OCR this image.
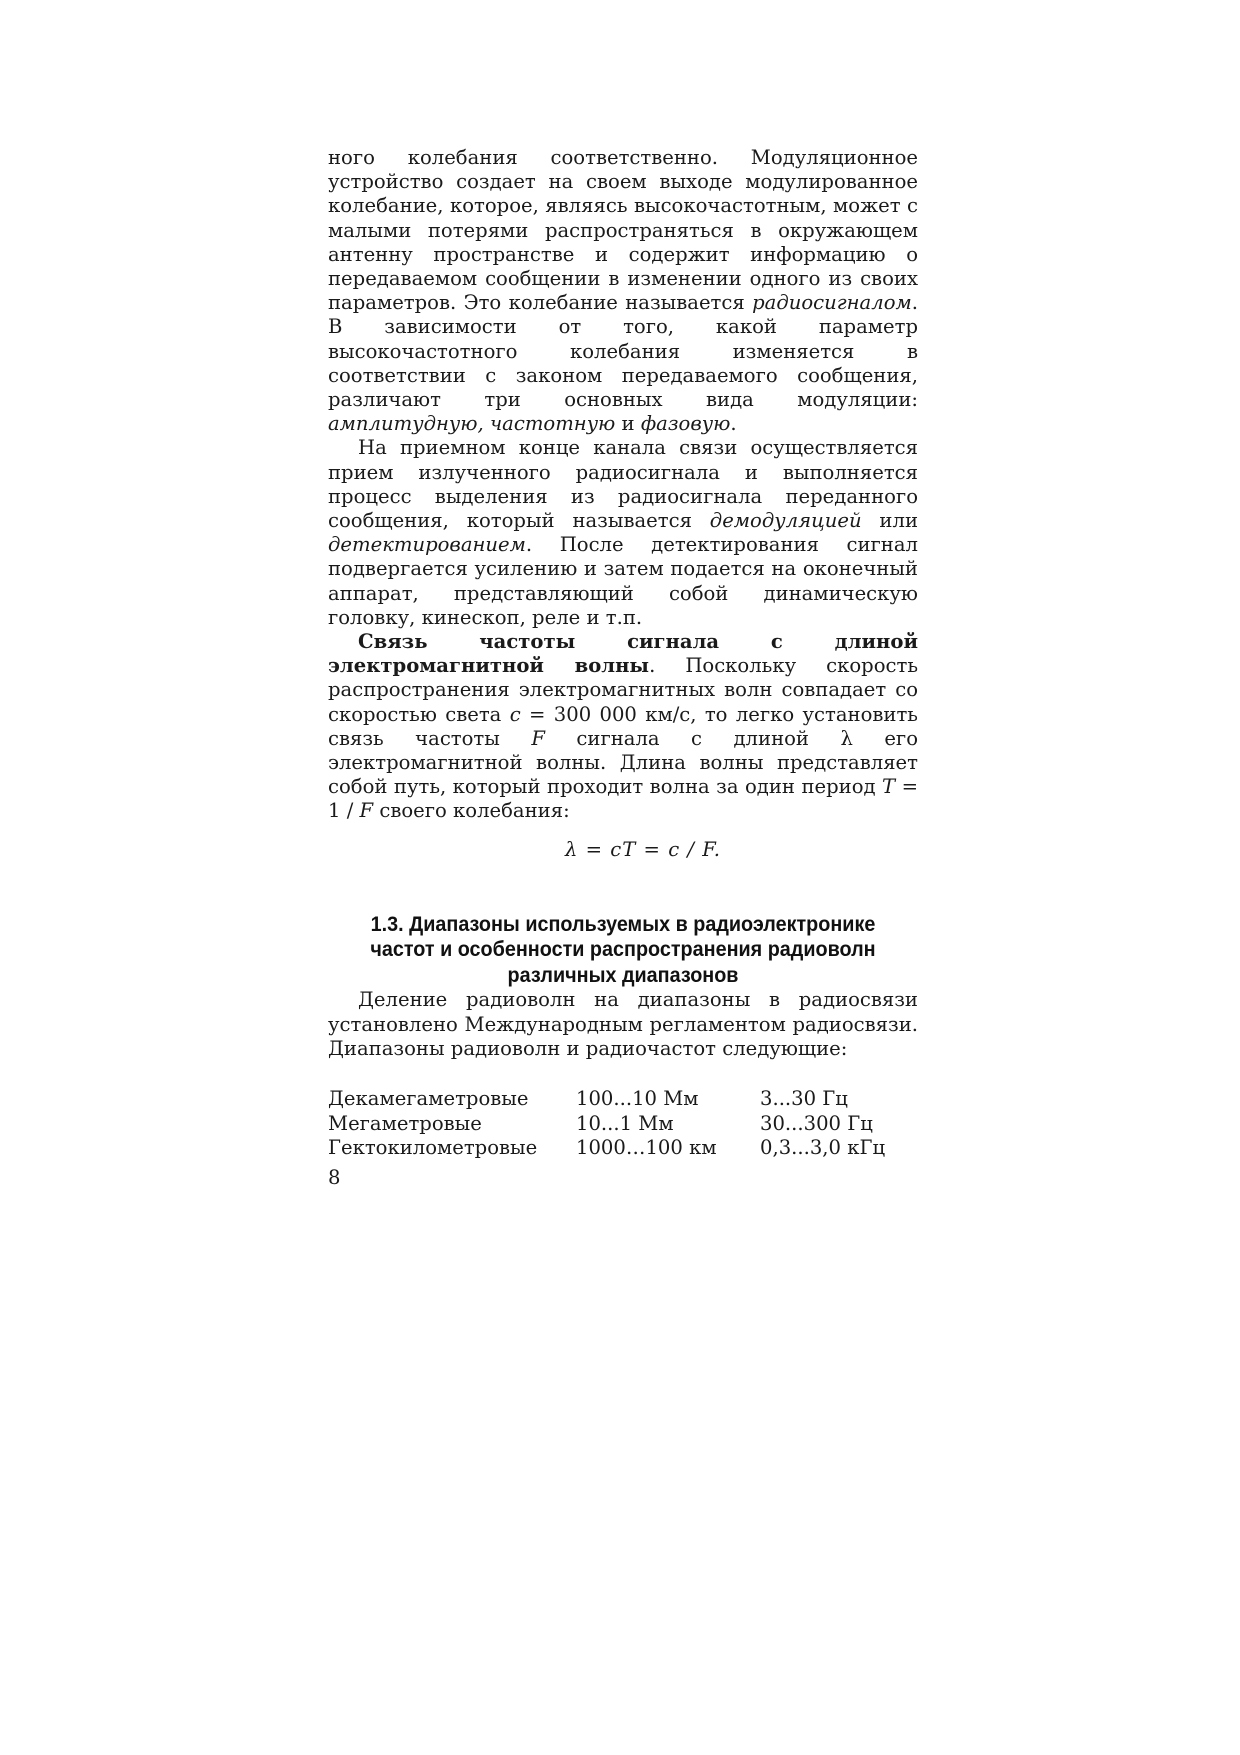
ного колебания соответственно. Модуляционное устройство создает на своем выходе модулированное колебание, которое, являясь высокочастотным, может с малыми потерями распространяться в окружающем антенну пространстве и содержит информацию о передаваемом сообщении в изменении одного из своих параметров. Это колебание называется радиосигналом. В зависимости от того, какой параметр высокочастотного колебания изменяется в соответствии с законом передаваемого сообщения, различают три основных вида модуляции: амплитудную, частотную и фазовую.

На приемном конце канала связи осуществляется прием излученного радиосигнала и выполняется процесс выделения из радиосигнала переданного сообщения, который называется демодуляцией или детектированием. После детектирования сигнал подвергается усилению и затем подается на оконечный аппарат, представляющий собой динамическую головку, кинескоп, реле и т.п.

Связь частоты сигнала с длиной электромагнитной волны. Поскольку скорость распространения электромагнитных волн совпадает со скоростью света c = 300 000 км/с, то легко установить связь частоты F сигнала с длиной λ его электромагнитной волны. Длина волны представляет собой путь, который проходит волна за один период T = 1 / F своего колебания:

λ = cT = c / F.
1.3. Диапазоны используемых в радиоэлектронике
частот и особенности распространения радиоволн
различных диапазонов

Деление радиоволн на диапазоны в радиосвязи установлено Международным регламентом радиосвязи. Диапазоны радиоволн и радиочастот следующие:

Декамегаметровые	100...10 Мм	3...30 Гц
Мегаметровые	10...1 Мм	30...300 Гц
Гектокилометровые	1000…100 км	0,3...3,0 кГц
8
